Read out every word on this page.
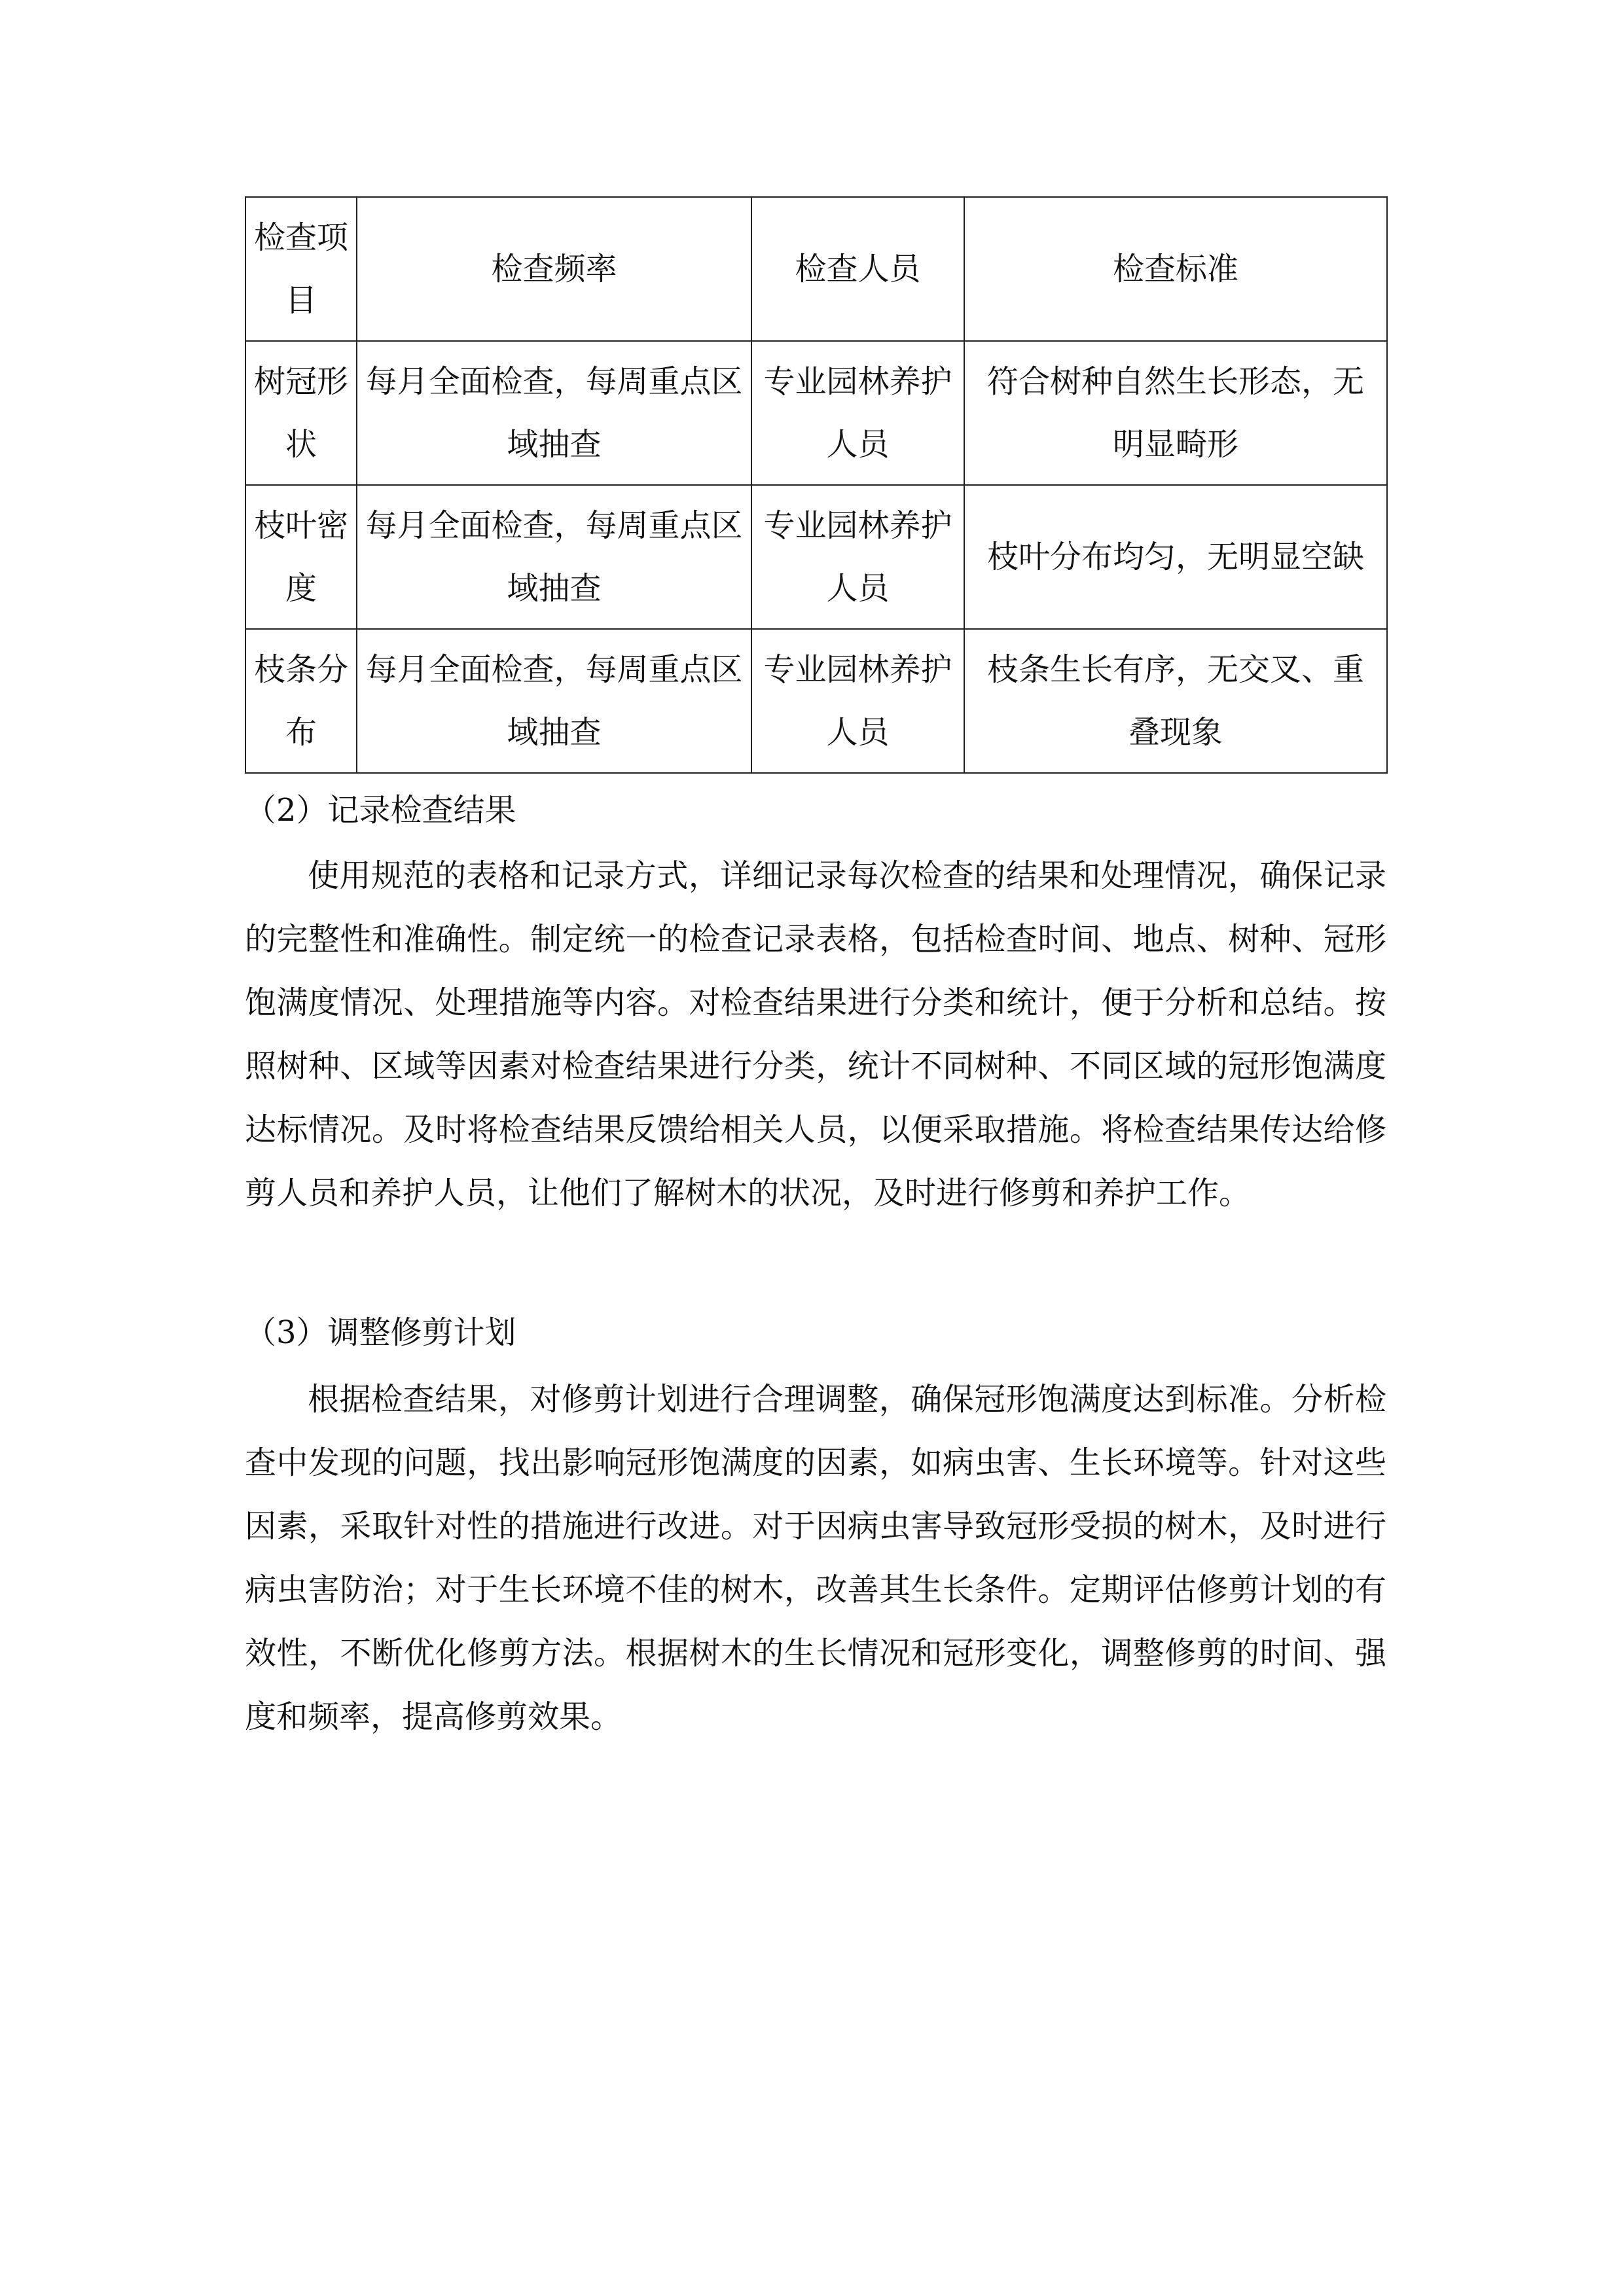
检查项目	检查频率	检查人员	检查标准
树冠形状	每月全面检查，每周重点区域抽查	专业园林养护人员	符合树种自然生长形态，无明显畸形
枝叶密度	每月全面检查，每周重点区域抽查	专业园林养护人员	枝叶分布均匀，无明显空缺
枝条分布	每月全面检查，每周重点区域抽查	专业园林养护人员	枝条生长有序，无交叉、重叠现象
（2）记录检查结果

使用规范的表格和记录方式，详细记录每次检查的结果和处理情况，确保记录的完整性和准确性。制定统一的检查记录表格，包括检查时间、地点、树种、冠形饱满度情况、处理措施等内容。对检查结果进行分类和统计，便于分析和总结。按照树种、区域等因素对检查结果进行分类，统计不同树种、不同区域的冠形饱满度达标情况。及时将检查结果反馈给相关人员，以便采取措施。将检查结果传达给修剪人员和养护人员，让他们了解树木的状况，及时进行修剪和养护工作。

（3）调整修剪计划

根据检查结果，对修剪计划进行合理调整，确保冠形饱满度达到标准。分析检查中发现的问题，找出影响冠形饱满度的因素，如病虫害、生长环境等。针对这些因素，采取针对性的措施进行改进。对于因病虫害导致冠形受损的树木，及时进行病虫害防治；对于生长环境不佳的树木，改善其生长条件。定期评估修剪计划的有效性，不断优化修剪方法。根据树木的生长情况和冠形变化，调整修剪的时间、强度和频率，提高修剪效果。
